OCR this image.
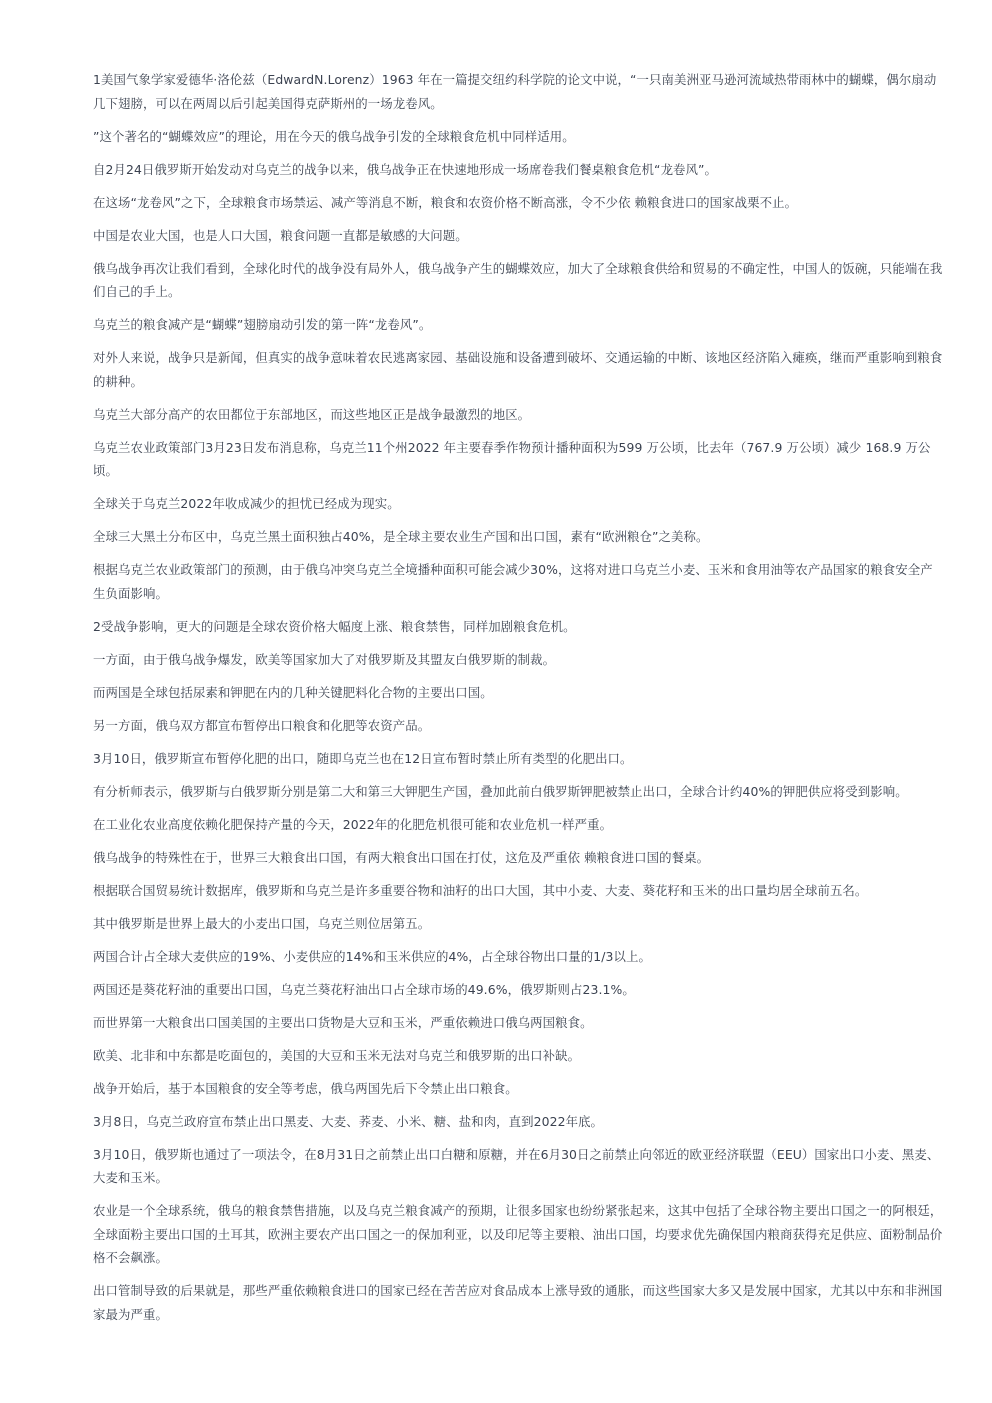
1美国气象学家爱德华·洛伦兹（EdwardN.Lorenz）1963 年在一篇提交纽约科学院的论文中说，“一只南美洲亚马逊河流域热带雨林中的蝴蝶，偶尔扇动几下翅膀，可以在两周以后引起美国得克萨斯州的一场龙卷风。

”这个著名的“蝴蝶效应”的理论，用在今天的俄乌战争引发的全球粮食危机中同样适用。

自2月24日俄罗斯开始发动对乌克兰的战争以来，俄乌战争正在快速地形成一场席卷我们餐桌粮食危机“龙卷风”。

在这场“龙卷风”之下，全球粮食市场禁运、减产等消息不断，粮食和农资价格不断高涨，令不少依 赖粮食进口的国家战栗不止。

中国是农业大国，也是人口大国，粮食问题一直都是敏感的大问题。

俄乌战争再次让我们看到，全球化时代的战争没有局外人，俄乌战争产生的蝴蝶效应，加大了全球粮食供给和贸易的不确定性，中国人的饭碗，只能端在我们自己的手上。

乌克兰的粮食减产是“蝴蝶”翅膀扇动引发的第一阵“龙卷风”。

对外人来说，战争只是新闻，但真实的战争意味着农民逃离家园、基础设施和设备遭到破坏、交通运输的中断、该地区经济陷入瘫痪，继而严重影响到粮食的耕种。

乌克兰大部分高产的农田都位于东部地区，而这些地区正是战争最激烈的地区。

乌克兰农业政策部门3月23日发布消息称，乌克兰11个州2022 年主要春季作物预计播种面积为599 万公顷，比去年（767.9 万公顷）减少 168.9 万公顷。

全球关于乌克兰2022年收成减少的担忧已经成为现实。

全球三大黑土分布区中，乌克兰黑土面积独占40%，是全球主要农业生产国和出口国，素有“欧洲粮仓”之美称。

根据乌克兰农业政策部门的预测，由于俄乌冲突乌克兰全境播种面积可能会减少30%，这将对进口乌克兰小麦、玉米和食用油等农产品国家的粮食安全产生负面影响。

2受战争影响，更大的问题是全球农资价格大幅度上涨、粮食禁售，同样加剧粮食危机。

一方面，由于俄乌战争爆发，欧美等国家加大了对俄罗斯及其盟友白俄罗斯的制裁。

而两国是全球包括尿素和钾肥在内的几种关键肥料化合物的主要出口国。

另一方面，俄乌双方都宣布暂停出口粮食和化肥等农资产品。

3月10日，俄罗斯宣布暂停化肥的出口，随即乌克兰也在12日宣布暂时禁止所有类型的化肥出口。

有分析师表示，俄罗斯与白俄罗斯分别是第二大和第三大钾肥生产国，叠加此前白俄罗斯钾肥被禁止出口，全球合计约40%的钾肥供应将受到影响。

在工业化农业高度依赖化肥保持产量的今天，2022年的化肥危机很可能和农业危机一样严重。

俄乌战争的特殊性在于，世界三大粮食出口国，有两大粮食出口国在打仗，这危及严重依 赖粮食进口国的餐桌。

根据联合国贸易统计数据库，俄罗斯和乌克兰是许多重要谷物和油籽的出口大国，其中小麦、大麦、葵花籽和玉米的出口量均居全球前五名。

其中俄罗斯是世界上最大的小麦出口国，乌克兰则位居第五。

两国合计占全球大麦供应的19%、小麦供应的14%和玉米供应的4%，占全球谷物出口量的1/3以上。

两国还是葵花籽油的重要出口国，乌克兰葵花籽油出口占全球市场的49.6%，俄罗斯则占23.1%。

而世界第一大粮食出口国美国的主要出口货物是大豆和玉米，严重依赖进口俄乌两国粮食。

欧美、北非和中东都是吃面包的，美国的大豆和玉米无法对乌克兰和俄罗斯的出口补缺。

战争开始后，基于本国粮食的安全等考虑，俄乌两国先后下令禁止出口粮食。

3月8日，乌克兰政府宣布禁止出口黑麦、大麦、荞麦、小米、糖、盐和肉，直到2022年底。

3月10日，俄罗斯也通过了一项法令，在8月31日之前禁止出口白糖和原糖，并在6月30日之前禁止向邻近的欧亚经济联盟（EEU）国家出口小麦、黑麦、大麦和玉米。

农业是一个全球系统，俄乌的粮食禁售措施，以及乌克兰粮食减产的预期，让很多国家也纷纷紧张起来，这其中包括了全球谷物主要出口国之一的阿根廷，全球面粉主要出口国的土耳其，欧洲主要农产出口国之一的保加利亚，以及印尼等主要粮、油出口国，均要求优先确保国内粮商获得充足供应、面粉制品价格不会飙涨。

出口管制导致的后果就是，那些严重依赖粮食进口的国家已经在苦苦应对食品成本上涨导致的通胀，而这些国家大多又是发展中国家，尤其以中东和非洲国家最为严重。
